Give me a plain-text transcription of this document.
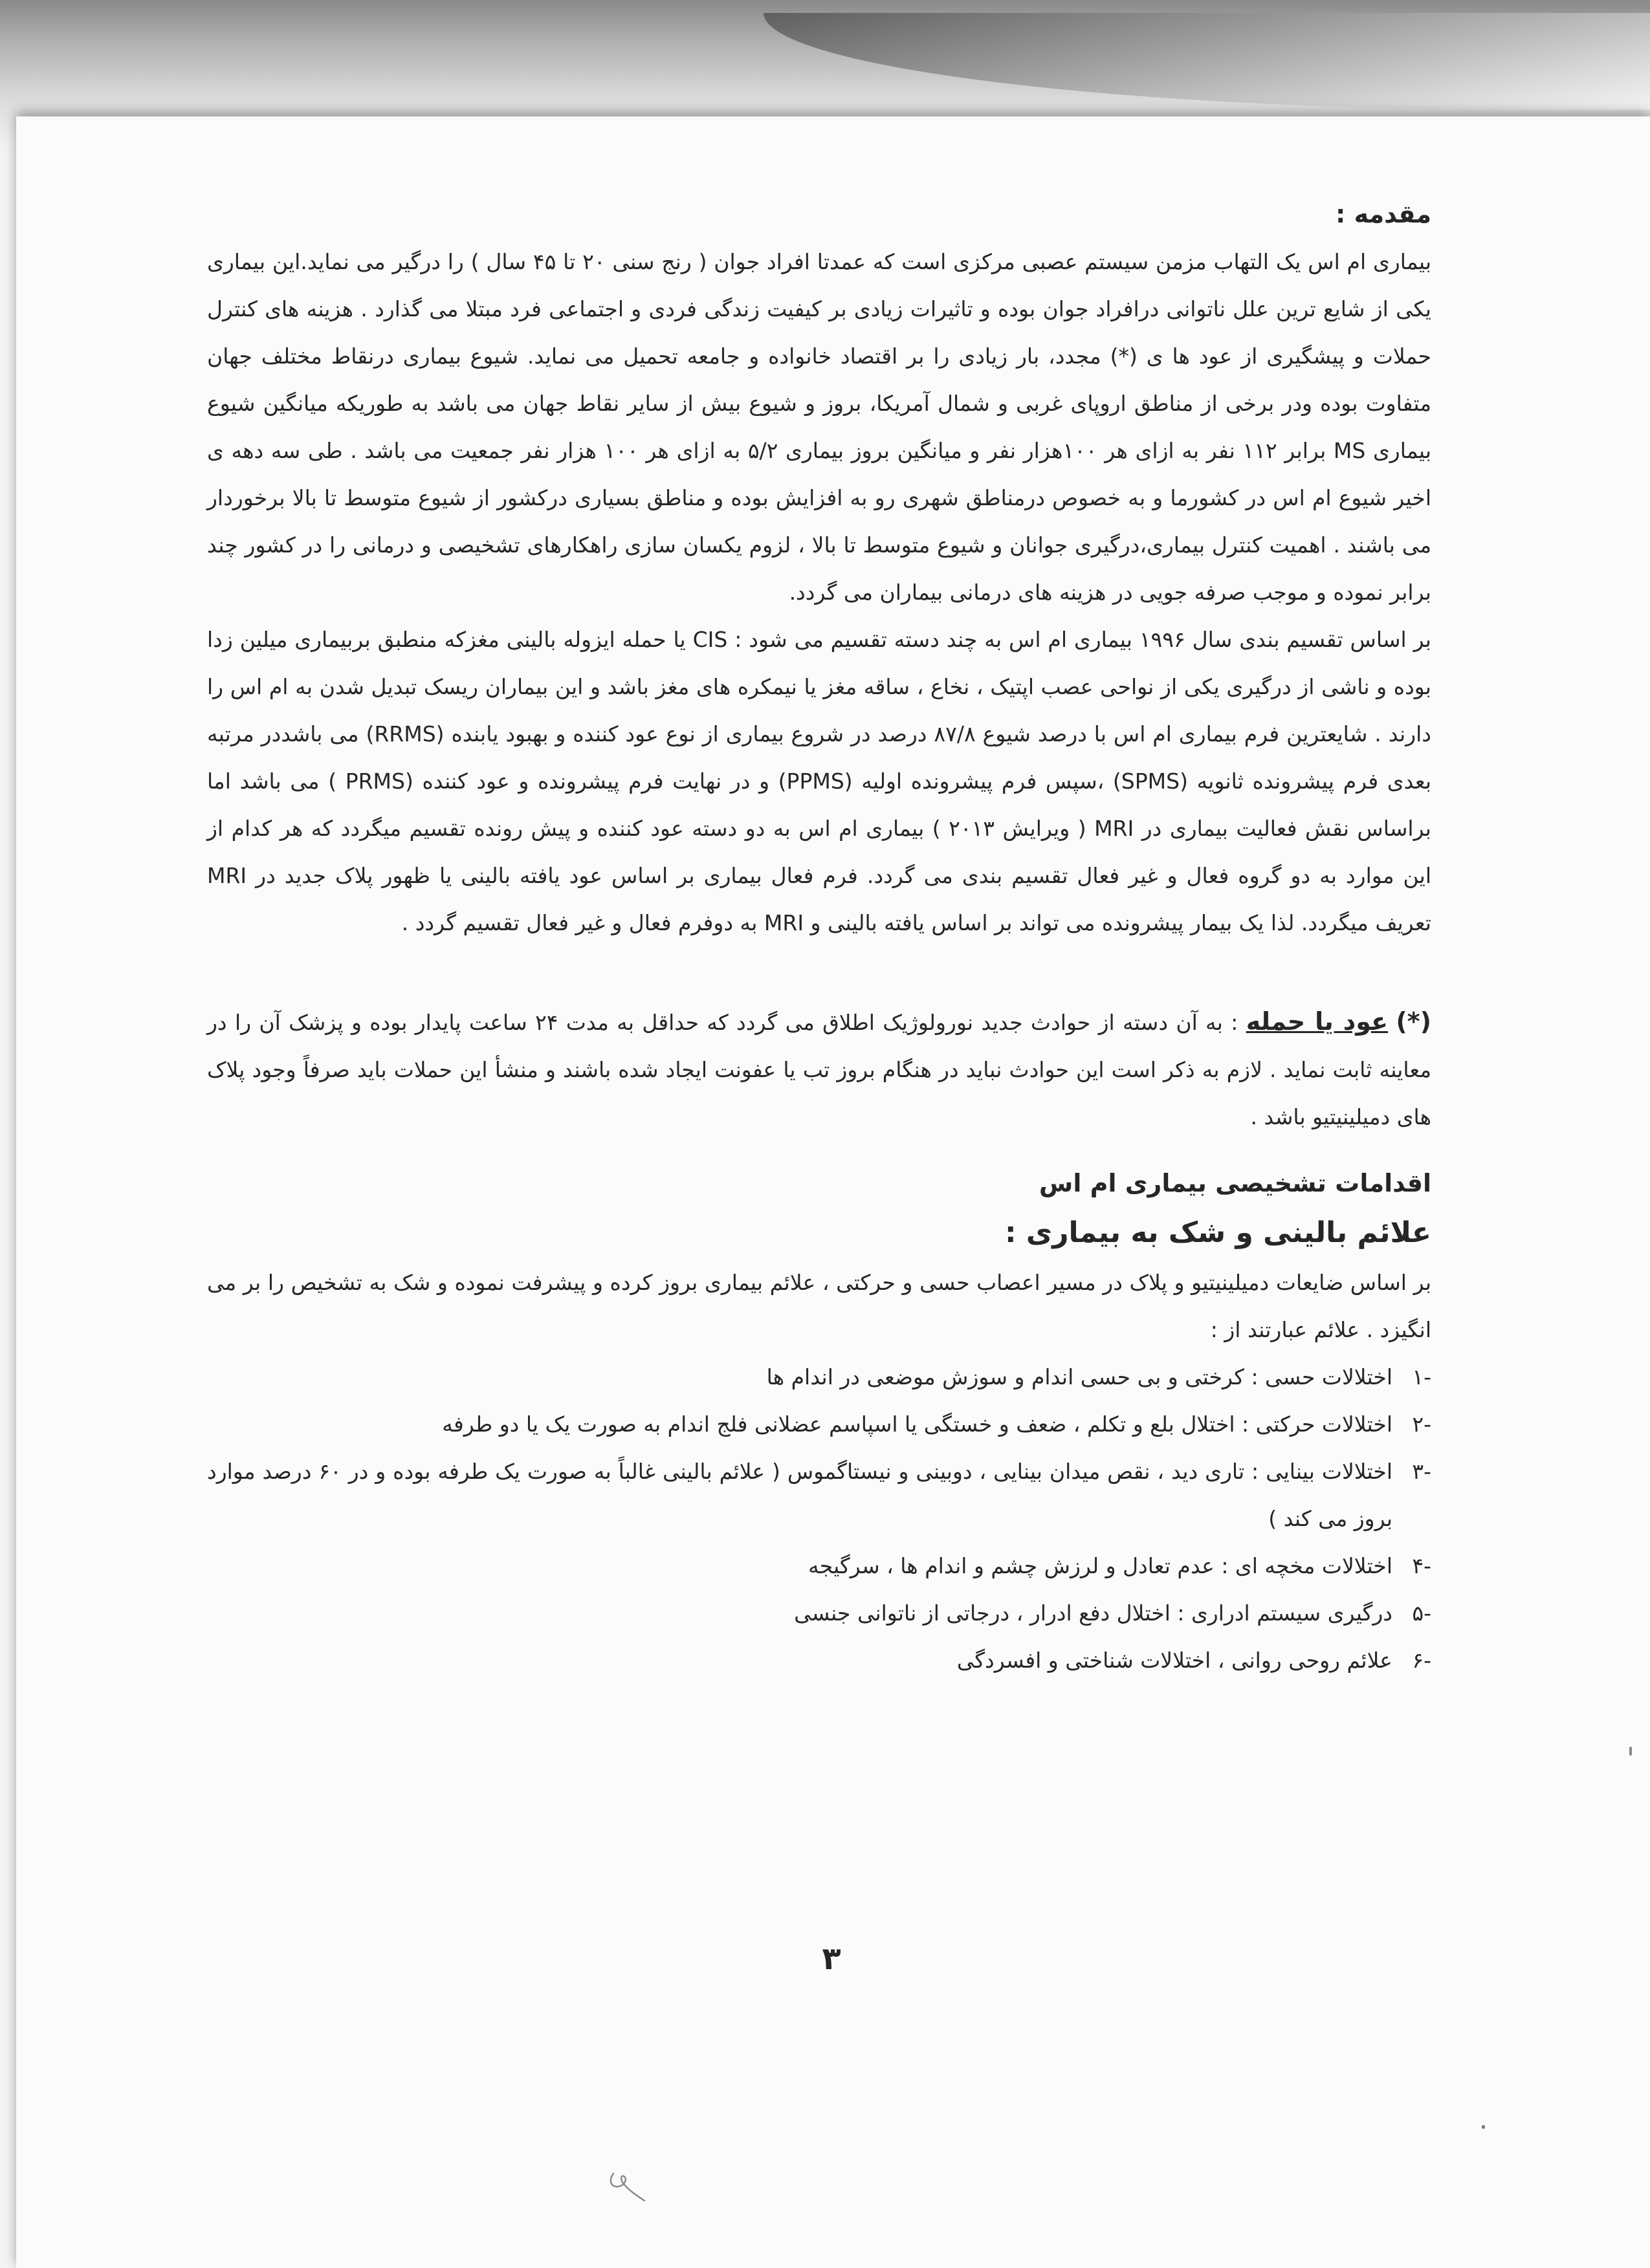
مقدمه :

بیماری ام اس یک التهاب مزمن سیستم عصبی مرکزی است که عمدتا افراد جوان ( رنج سنی ۲۰ تا ۴۵ سال ) را درگیر می نماید.این بیماری یکی از شایع ترین علل ناتوانی درافراد جوان بوده و تاثیرات زیادی بر کیفیت زندگی فردی و اجتماعی فرد مبتلا می گذارد . هزینه های کنترل حملات و پیشگیری از عود ها ی (*) مجدد، بار زیادی را بر اقتصاد خانواده و جامعه تحمیل می نماید. شیوع بیماری درنقاط مختلف جهان متفاوت بوده ودر برخی از مناطق اروپای غربی و شمال آمریکا، بروز و شیوع بیش از سایر نقاط جهان می باشد به طوریکه میانگین شیوع بیماری MS برابر ۱۱۲ نفر به ازای هر ۱۰۰هزار نفر و میانگین بروز بیماری ۵/۲ به ازای هر ۱۰۰ هزار نفر جمعیت می باشد . طی سه دهه ی اخیر شیوع ام اس در کشورما و به خصوص درمناطق شهری رو به افزایش بوده و مناطق بسیاری درکشور از شیوع متوسط تا بالا برخوردار می باشند . اهمیت کنترل بیماری،درگیری جوانان و شیوع متوسط تا بالا ، لزوم یکسان سازی راهکارهای تشخیصی و درمانی را در کشور چند برابر نموده و موجب صرفه جویی در هزینه های درمانی بیماران می گردد.

بر اساس تقسیم بندی سال ۱۹۹۶ بیماری ام اس به چند دسته تقسیم می شود : CIS یا حمله ایزوله بالینی مغزکه منطبق بربیماری میلین زدا بوده و ناشی از درگیری یکی از نواحی عصب اپتیک ، نخاع ، ساقه مغز یا نیمکره های مغز باشد و این بیماران ریسک تبدیل شدن به ام اس را دارند . شایعترین فرم بیماری ام اس با درصد شیوع ۸۷/۸ درصد در شروع بیماری از نوع عود کننده و بهبود یابنده (RRMS) می باشددر مرتبه بعدی فرم پیشرونده ثانویه (SPMS) ،سپس فرم پیشرونده اولیه (PPMS) و در نهایت فرم پیشرونده و عود کننده (PRMS ) می باشد اما براساس نقش فعالیت بیماری در MRI ( ویرایش ۲۰۱۳ ) بیماری ام اس به دو دسته عود کننده و پیش رونده تقسیم میگردد که هر کدام از این موارد به دو گروه فعال و غیر فعال تقسیم بندی می گردد. فرم فعال بیماری بر اساس عود یافته بالینی یا ظهور پلاک جدید در MRI تعریف میگردد. لذا یک بیمار پیشرونده می تواند بر اساس یافته بالینی و MRI به دوفرم فعال و غیر فعال تقسیم گردد .

(*) عود یا حمله : به آن دسته از حوادث جدید نورولوژیک اطلاق می گردد که حداقل به مدت ۲۴ ساعت پایدار بوده و پزشک آن را در معاینه ثابت نماید . لازم به ذکر است این حوادث نباید در هنگام بروز تب یا عفونت ایجاد شده باشند و منشأ این حملات باید صرفاً وجود پلاک های دمیلینیتیو باشد .

اقدامات تشخیصی بیماری ام اس

علائم بالینی و شک به بیماری :

بر اساس ضایعات دمیلینیتیو و پلاک در مسیر اعصاب حسی و حرکتی ، علائم بیماری بروز کرده و پیشرفت نموده و شک به تشخیص را بر می انگیزد . علائم عبارتند از :

-۱
اختلالات حسی : کرختی و بی حسی اندام و سوزش موضعی در اندام ها
-۲
اختلالات حرکتی : اختلال بلع و تکلم ، ضعف و خستگی یا اسپاسم عضلانی فلج اندام به صورت یک یا دو طرفه
-۳
اختلالات بینایی : تاری دید ، نقص میدان بینایی ، دوبینی و نیستاگموس ( علائم بالینی غالباً به صورت یک طرفه بوده و در ۶۰ درصد موارد بروز می کند )
-۴
اختلالات مخچه ای : عدم تعادل و لرزش چشم و اندام ها ، سرگیجه
-۵
درگیری سیستم ادراری : اختلال دفع ادرار ، درجاتی از ناتوانی جنسی
-۶
علائم روحی روانی ، اختلالات شناختی و افسردگی
۳
